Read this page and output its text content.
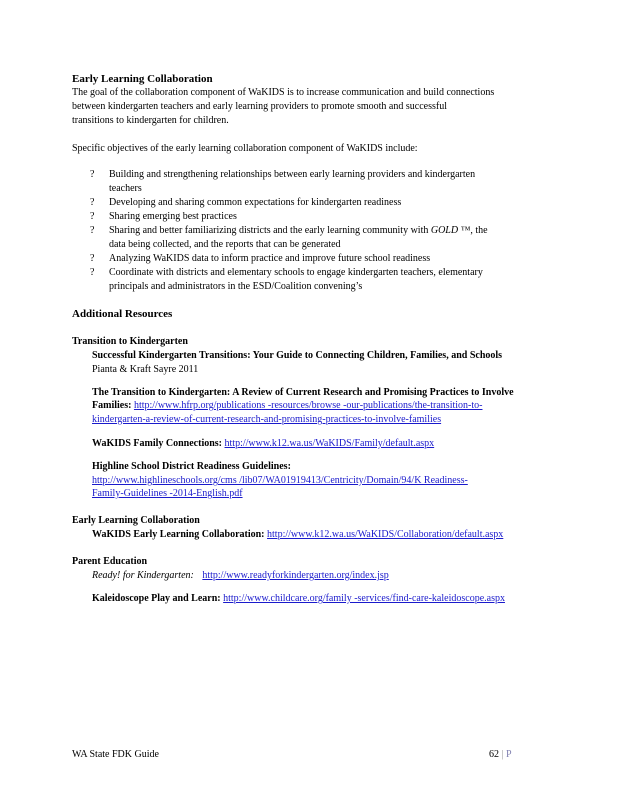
Early Learning Collaboration
The goal of the collaboration component of WaKIDS is to increase communication and build connections
between kindergarten teachers and early learning providers to promote smooth and successful
transitions to kindergarten for children.
Specific objectives of the early learning collaboration component of WaKIDS include:
? Building and strengthening relationships between early learning providers and kindergarten
teachers
? Developing and sharing common expectations for kindergarten readiness
? Sharing emerging best practices
? Sharing and better familiarizing districts and the early learning community with GOLD ™, the
data being collected, and the reports that can be generated
? Analyzing WaKIDS data to inform practice and improve future school readiness
? Coordinate with districts and elementary schools to engage kindergarten teachers, elementary
principals and administrators in the ESD/Coalition convening’s
Additional Resources
Transition to Kindergarten
Successful Kindergarten Transitions: Your Guide to Connecting Children, Families, and Schools
Pianta & Kraft Sayre 2011
The Transition to Kindergarten: A Review of Current Research and Promising Practices to Involve
Families: http://www.hfrp.org/publications ‑resources/browse ‑our‑publications/the‑transition‑to‑
kindergarten‑a‑review‑of‑current‑research‑and‑promising‑practices‑to‑involve‑families
WaKIDS Family Connections: http://www.k12.wa.us/WaKIDS/Family/default.aspx
Highline School District Readiness Guidelines:
http://www.highlineschools.org/cms /lib07/WA01919413/Centricity/Domain/94/K Readiness‑
Family‑Guidelines ‑2014‑English.pdf
Early Learning Collaboration
WaKIDS Early Learning Collaboration: http://www.k12.wa.us/WaKIDS/Collaboration/default.aspx
Parent Education
Ready! for Kindergarten: http://www.readyforkindergarten.org/index.jsp
Kaleidoscope Play and Learn: http://www.childcare.org/family ‑services/find‑care‑kaleidoscope.aspx
WA State FDK Guide	62 | P
